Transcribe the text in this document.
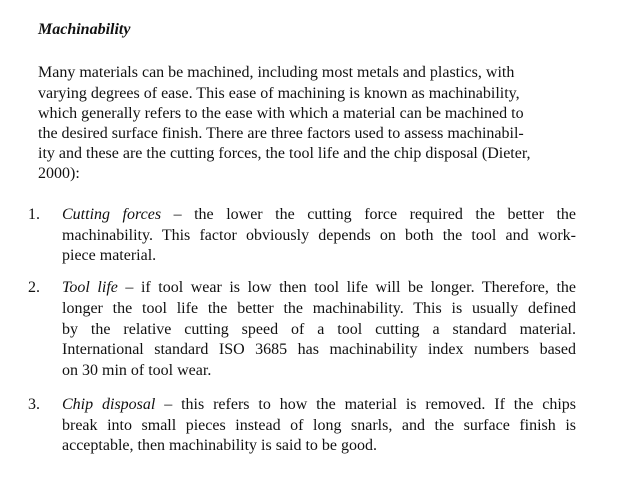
Machinability
Many materials can be machined, including most metals and plastics, with
varying degrees of ease. This ease of machining is known as machinability,
which generally refers to the ease with which a material can be machined to
the desired surface finish. There are three factors used to assess machinabil-
ity and these are the cutting forces, the tool life and the chip disposal (Dieter,
2000):
1. Cutting forces – the lower the cutting force required the better the
machinability. This factor obviously depends on both the tool and work-
piece material.
2. Tool life – if tool wear is low then tool life will be longer. Therefore, the
longer the tool life the better the machinability. This is usually defined
by the relative cutting speed of a tool cutting a standard material.
International standard ISO 3685 has machinability index numbers based
on 30 min of tool wear.
3. Chip disposal – this refers to how the material is removed. If the chips
break into small pieces instead of long snarls, and the surface finish is
acceptable, then machinability is said to be good.
